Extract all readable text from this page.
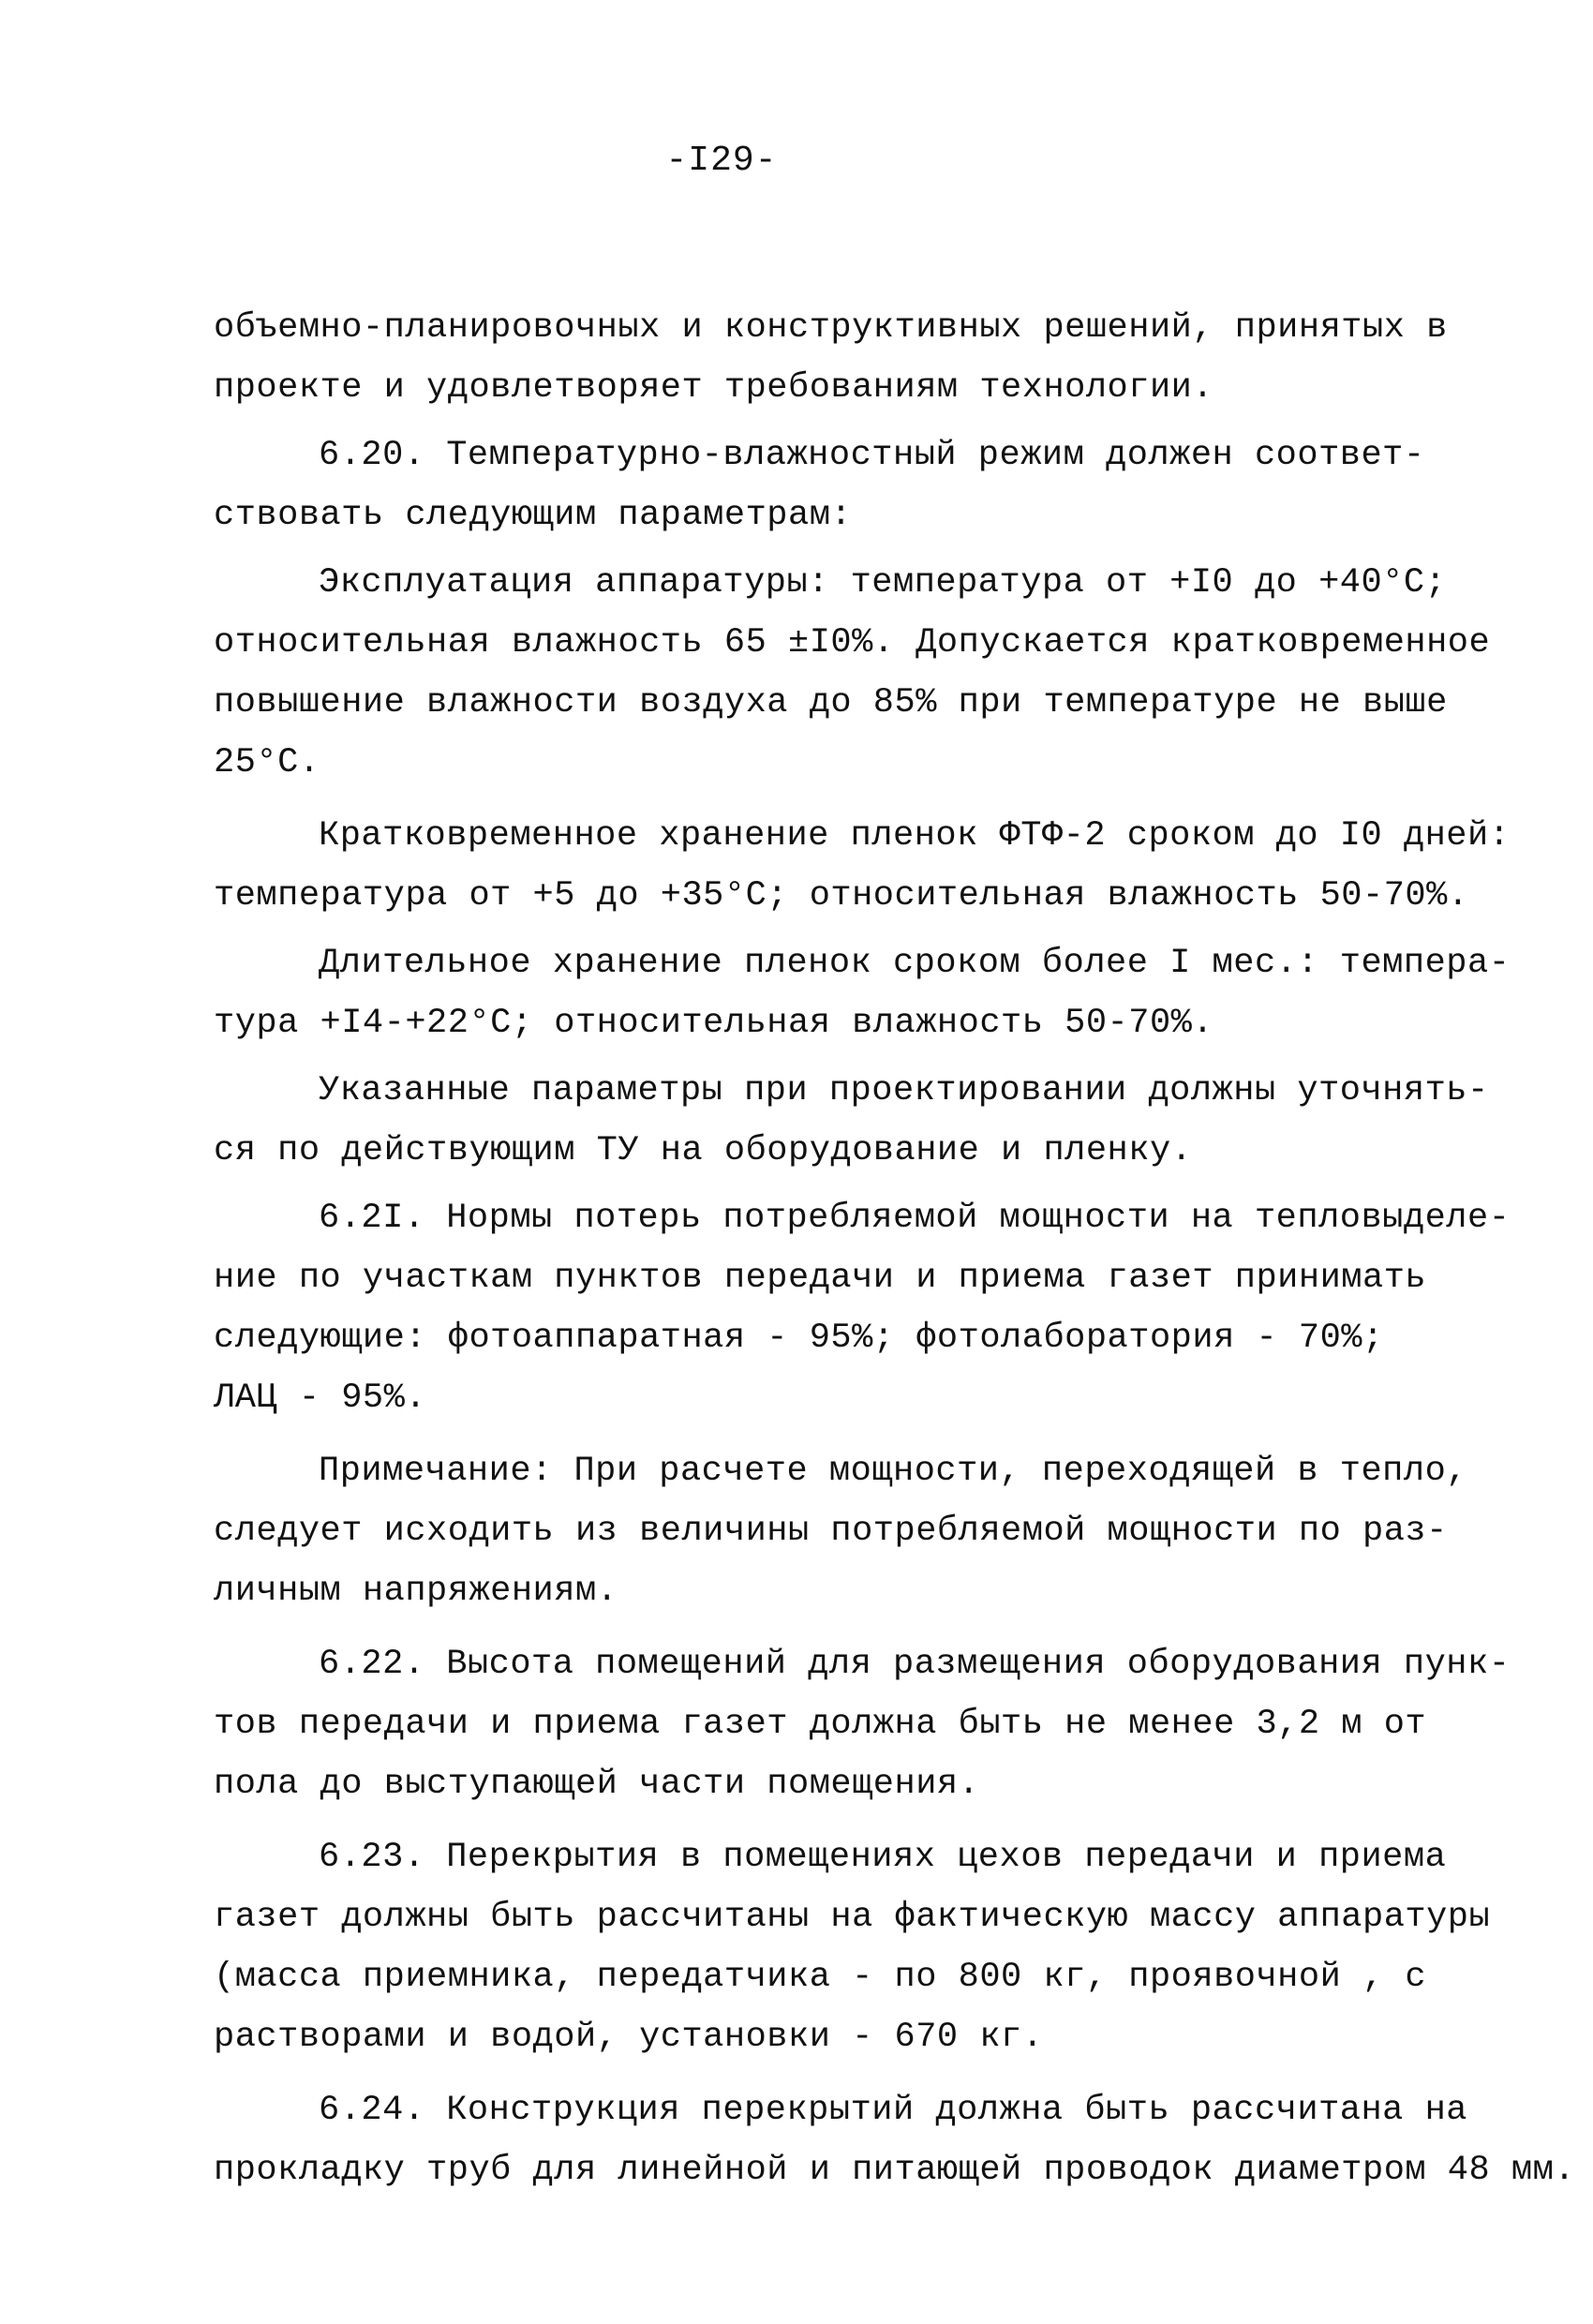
-I29-
объемно-планировочных и конструктивных решений, принятых в
проекте и удовлетворяет требованиям технологии.
6.20. Температурно-влажностный режим должен соответ-
ствовать следующим параметрам:
Эксплуатация аппаратуры: температура от +I0 до +40°С;
относительная влажность 65 ±I0%. Допускается кратковременное
повышение влажности воздуха до 85% при температуре не выше
25°С.
Кратковременное хранение пленок ФТФ-2 сроком до I0 дней:
температура от +5 до +35°С; относительная влажность 50-70%.
Длительное хранение пленок сроком более I мес.: темпера-
тура +I4-+22°С; относительная влажность 50-70%.
Указанные параметры при проектировании должны уточнять-
ся по действующим ТУ на оборудование и пленку.
6.2I. Нормы потерь потребляемой мощности на тепловыделе-
ние по участкам пунктов передачи и приема газет принимать
следующие: фотоаппаратная - 95%; фотолаборатория - 70%;
ЛАЦ - 95%.
Примечание: При расчете мощности, переходящей в тепло,
следует исходить из величины потребляемой мощности по раз-
личным напряжениям.
6.22. Высота помещений для размещения оборудования пунк-
тов передачи и приема газет должна быть не менее 3,2 м от
пола до выступающей части помещения.
6.23. Перекрытия в помещениях цехов передачи и приема
газет должны быть рассчитаны на фактическую массу аппаратуры
(масса приемника, передатчика - по 800 кг, проявочной , с
растворами и водой, установки - 670 кг.
6.24. Конструкция перекрытий должна быть рассчитана на
прокладку труб для линейной и питающей проводок диаметром 48 мм.
